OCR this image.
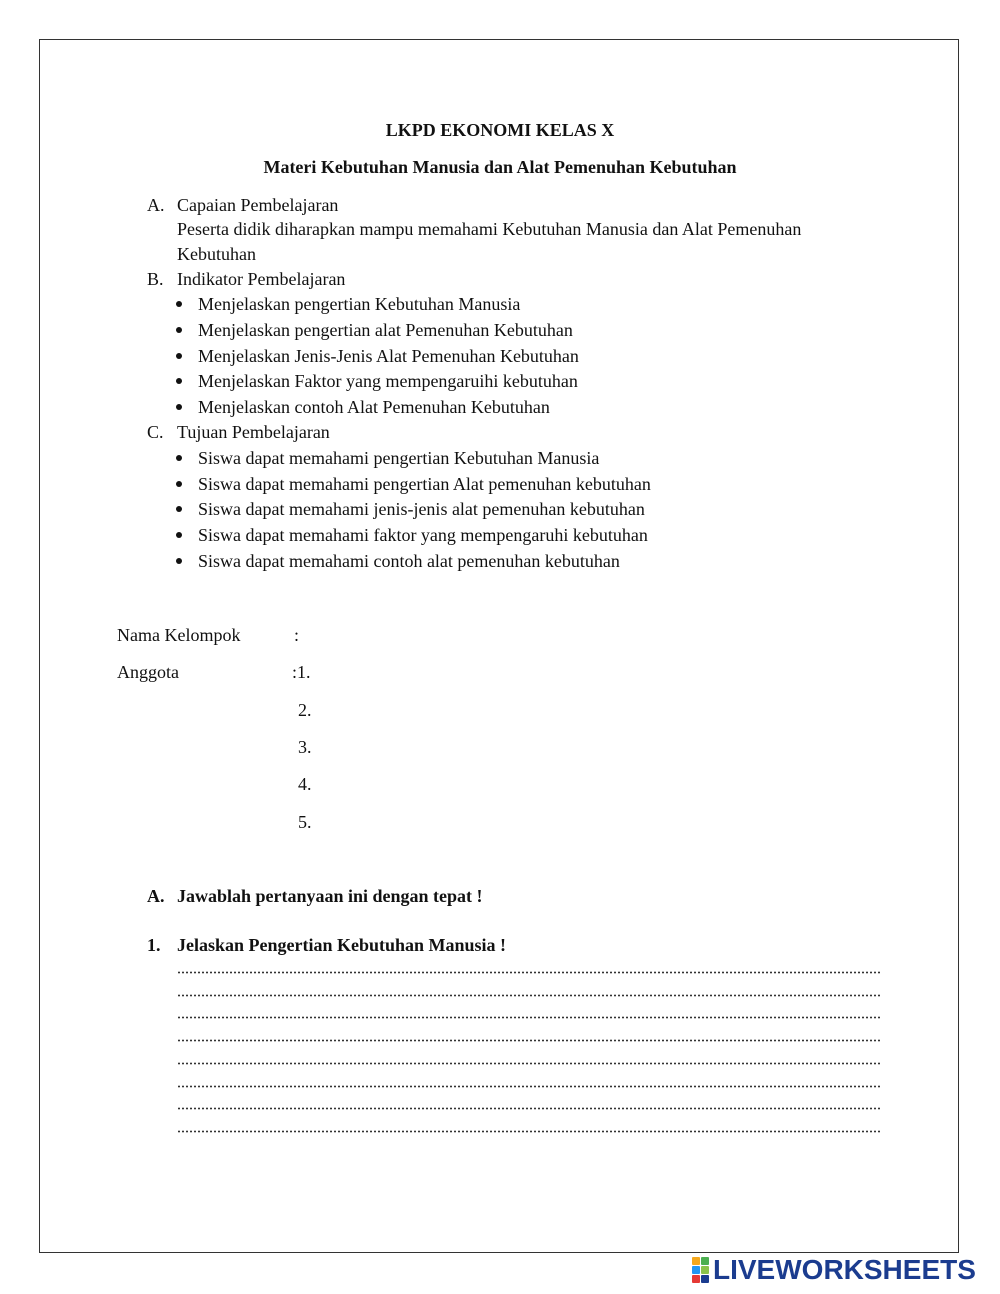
LKPD EKONOMI KELAS X
Materi Kebutuhan Manusia dan Alat Pemenuhan Kebutuhan
A. Capaian Pembelajaran
Peserta didik diharapkan mampu memahami Kebutuhan Manusia dan Alat Pemenuhan
Kebutuhan
B. Indikator Pembelajaran
Menjelaskan pengertian Kebutuhan Manusia
Menjelaskan pengertian alat Pemenuhan Kebutuhan
Menjelaskan Jenis-Jenis Alat Pemenuhan Kebutuhan
Menjelaskan Faktor yang mempengaruihi kebutuhan
Menjelaskan contoh Alat Pemenuhan Kebutuhan
C. Tujuan Pembelajaran
Siswa dapat memahami pengertian Kebutuhan Manusia
Siswa dapat memahami pengertian Alat pemenuhan kebutuhan
Siswa dapat memahami jenis-jenis alat pemenuhan kebutuhan
Siswa dapat memahami faktor yang mempengaruhi kebutuhan
Siswa dapat memahami contoh alat pemenuhan kebutuhan
Nama Kelompok	:
Anggota	:1.
2.
3.
4.
5.
A. Jawablah pertanyaan ini dengan tepat !
1. Jelaskan Pengertian Kebutuhan Manusia !
LIVEWORKSHEETS
